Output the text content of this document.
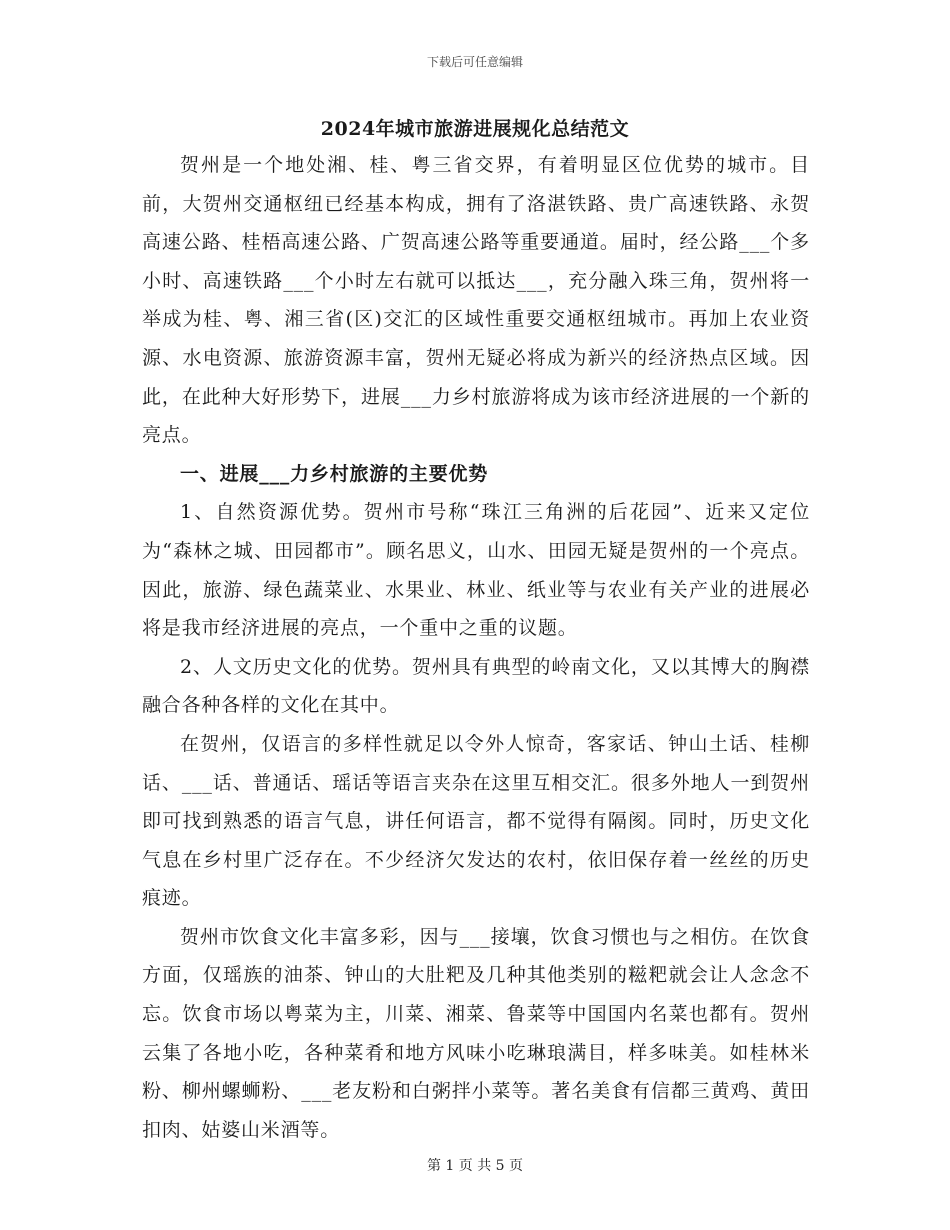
下载后可任意编辑
2024年城市旅游进展规化总结范文

贺州是一个地处湘、桂、粤三省交界，有着明显区位优势的城市。目前，大贺州交通枢纽已经基本构成，拥有了洛湛铁路、贵广高速铁路、永贺高速公路、桂梧高速公路、广贺高速公路等重要通道。届时，经公路___个多小时、高速铁路___个小时左右就可以抵达___，充分融入珠三角，贺州将一举成为桂、粤、湘三省(区)交汇的区域性重要交通枢纽城市。再加上农业资源、水电资源、旅游资源丰富，贺州无疑必将成为新兴的经济热点区域。因此，在此种大好形势下，进展___力乡村旅游将成为该市经济进展的一个新的亮点。

一、进展___力乡村旅游的主要优势

1、自然资源优势。贺州市号称“珠江三角洲的后花园”、近来又定位为“森林之城、田园都市”。顾名思义，山水、田园无疑是贺州的一个亮点。因此，旅游、绿色蔬菜业、水果业、林业、纸业等与农业有关产业的进展必将是我市经济进展的亮点，一个重中之重的议题。

2、人文历史文化的优势。贺州具有典型的岭南文化，又以其博大的胸襟融合各种各样的文化在其中。

在贺州，仅语言的多样性就足以令外人惊奇，客家话、钟山土话、桂柳话、___话、普通话、瑶话等语言夹杂在这里互相交汇。很多外地人一到贺州即可找到熟悉的语言气息，讲任何语言，都不觉得有隔阂。同时，历史文化气息在乡村里广泛存在。不少经济欠发达的农村，依旧保存着一丝丝的历史痕迹。

贺州市饮食文化丰富多彩，因与___接壤，饮食习惯也与之相仿。在饮食方面，仅瑶族的油茶、钟山的大肚粑及几种其他类别的糍粑就会让人念念不忘。饮食市场以粤菜为主，川菜、湘菜、鲁菜等中国国内名菜也都有。贺州云集了各地小吃，各种菜肴和地方风味小吃琳琅满目，样多味美。如桂林米粉、柳州螺蛳粉、___老友粉和白粥拌小菜等。著名美食有信都三黄鸡、黄田扣肉、姑婆山米酒等。

第 1 页 共 5 页
